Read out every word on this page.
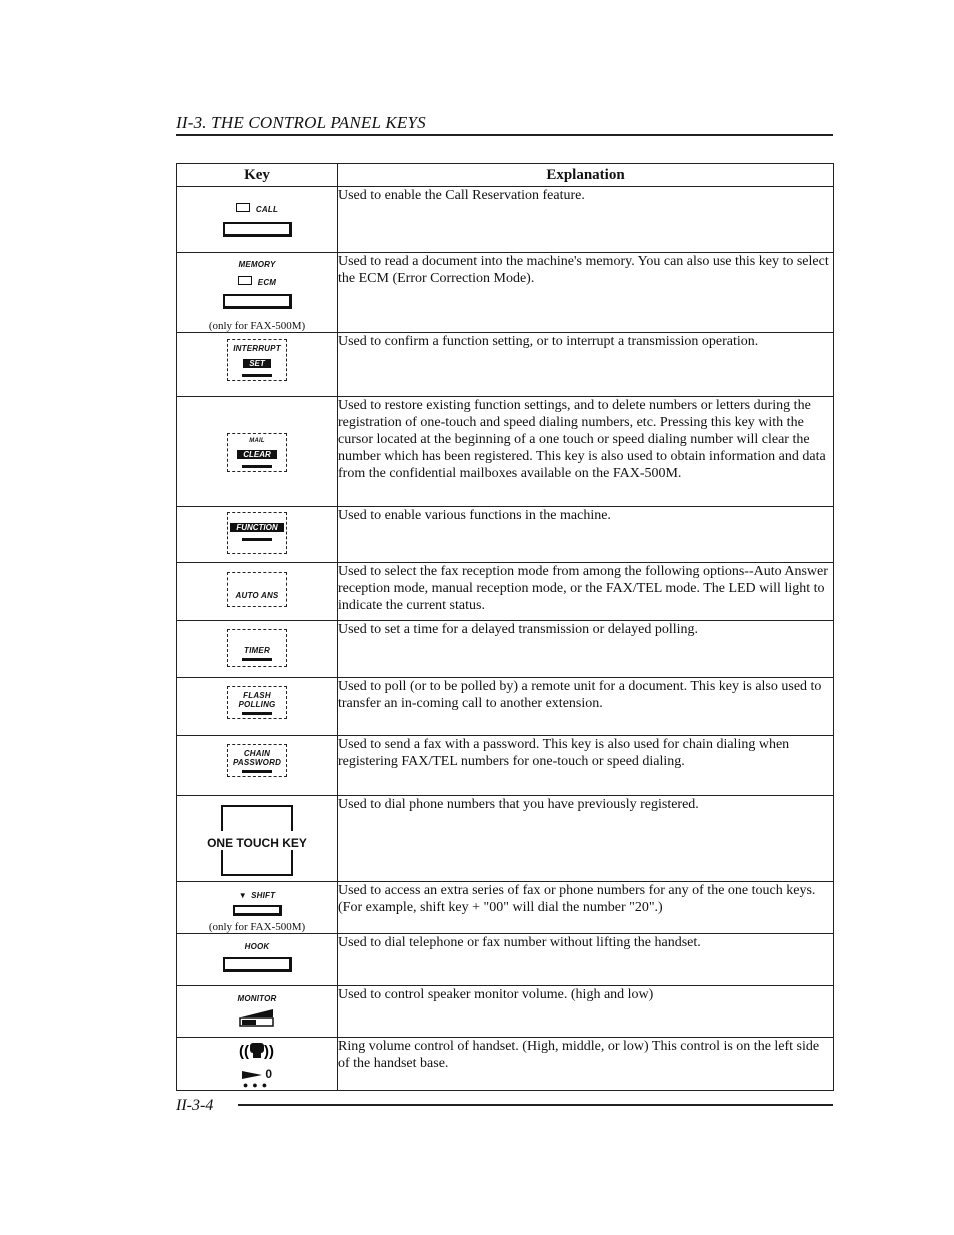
II-3. THE CONTROL PANEL KEYS
Key	Explanation

CALL	Used to enable the Call Reservation feature.

MEMORY
ECM
(only for FAX-500M)	Used to read a document into the machine's memory. You can also use this key to select the ECM (Error Correction Mode).

INTERRUPT
SET	Used to confirm a function setting, or to interrupt a transmission operation.

MAIL
CLEAR	Used to restore existing function settings, and to delete numbers or letters during the registration of one-touch and speed dialing numbers, etc. Pressing this key with the cursor located at the beginning of a one touch or speed dialing number will clear the number which has been registered. This key is also used to obtain information and data from the confidential mailboxes available on the FAX-500M.

FUNCTION	Used to enable various functions in the machine.

AUTO ANS	Used to select the fax reception mode from among the following options--Auto Answer reception mode, manual reception mode, or the FAX/TEL mode. The LED will light to indicate the current status.

TIMER	Used to set a time for a delayed transmission or delayed polling.

FLASH
POLLING	Used to poll (or to be polled by) a remote unit for a document. This key is also used to transfer an in-coming call to another extension.

CHAIN
PASSWORD	Used to send a fax with a password. This key is also used for chain dialing when registering FAX/TEL numbers for one-touch or speed dialing.

ONE TOUCH KEY	Used to dial phone numbers that you have previously registered.

▼ SHIFT
(only for FAX-500M)	Used to access an extra series of fax or phone numbers for any of the one touch keys. (For example, shift key + "00" will dial the number "20".)

HOOK	Used to dial telephone or fax number without lifting the handset.

MONITOR	Used to control speaker monitor volume. (high and low)

(( ))
0
●●●	Ring volume control of handset. (High, middle, or low) This control is on the left side of the handset base.
II-3-4
